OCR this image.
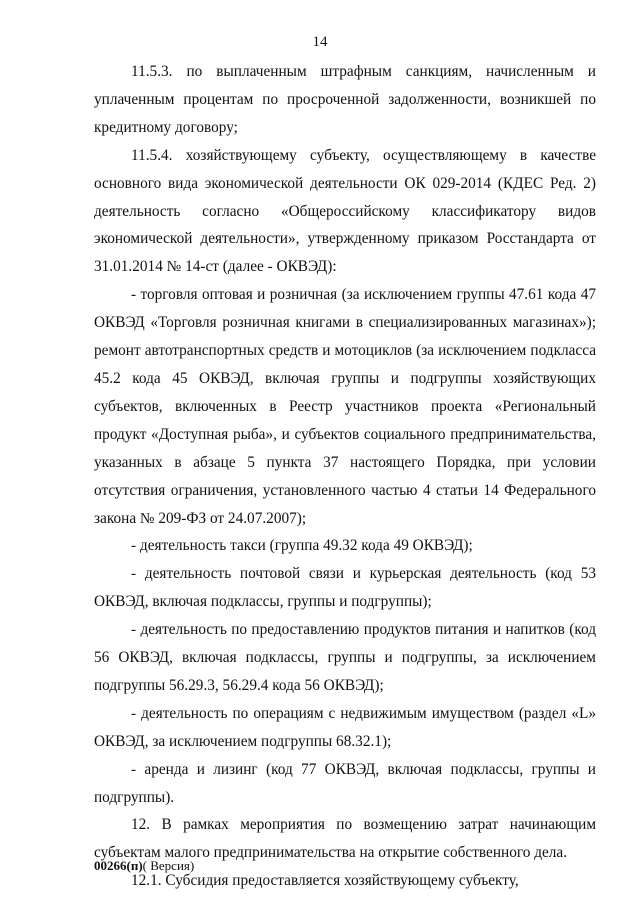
14

11.5.3. по выплаченным штрафным санкциям, начисленным и уплаченным процентам по просроченной задолженности, возникшей по кредитному договору;

11.5.4. хозяйствующему субъекту, осуществляющему в качестве основного вида экономической деятельности ОК 029-2014 (КДЕС Ред. 2) деятельность согласно «Общероссийскому классификатору видов экономической деятельности», утвержденному приказом Росстандарта от 31.01.2014 № 14-ст (далее - ОКВЭД):

- торговля оптовая и розничная (за исключением группы 47.61 кода 47 ОКВЭД «Торговля розничная книгами в специализированных магазинах»); ремонт автотранспортных средств и мотоциклов (за исключением подкласса 45.2 кода 45 ОКВЭД, включая группы и подгруппы хозяйствующих субъектов, включенных в Реестр участников проекта «Региональный продукт «Доступная рыба», и субъектов социального предпринимательства, указанных в абзаце 5 пункта 37 настоящего Порядка, при условии отсутствия ограничения, установленного частью 4 статьи 14 Федерального закона № 209-ФЗ от 24.07.2007);

- деятельность такси (группа 49.32 кода 49 ОКВЭД);

- деятельность почтовой связи и курьерская деятельность (код 53 ОКВЭД, включая подклассы, группы и подгруппы);

- деятельность по предоставлению продуктов питания и напитков (код 56 ОКВЭД, включая подклассы, группы и подгруппы, за исключением подгруппы 56.29.3, 56.29.4 кода 56 ОКВЭД);

- деятельность по операциям с недвижимым имуществом (раздел «L» ОКВЭД, за исключением подгруппы 68.32.1);

- аренда и лизинг (код 77 ОКВЭД, включая подклассы, группы и подгруппы).

12. В рамках мероприятия по возмещению затрат начинающим субъектам малого предпринимательства на открытие собственного дела.

12.1. Субсидия предоставляется хозяйствующему субъекту,

00266(п)( Версия)
